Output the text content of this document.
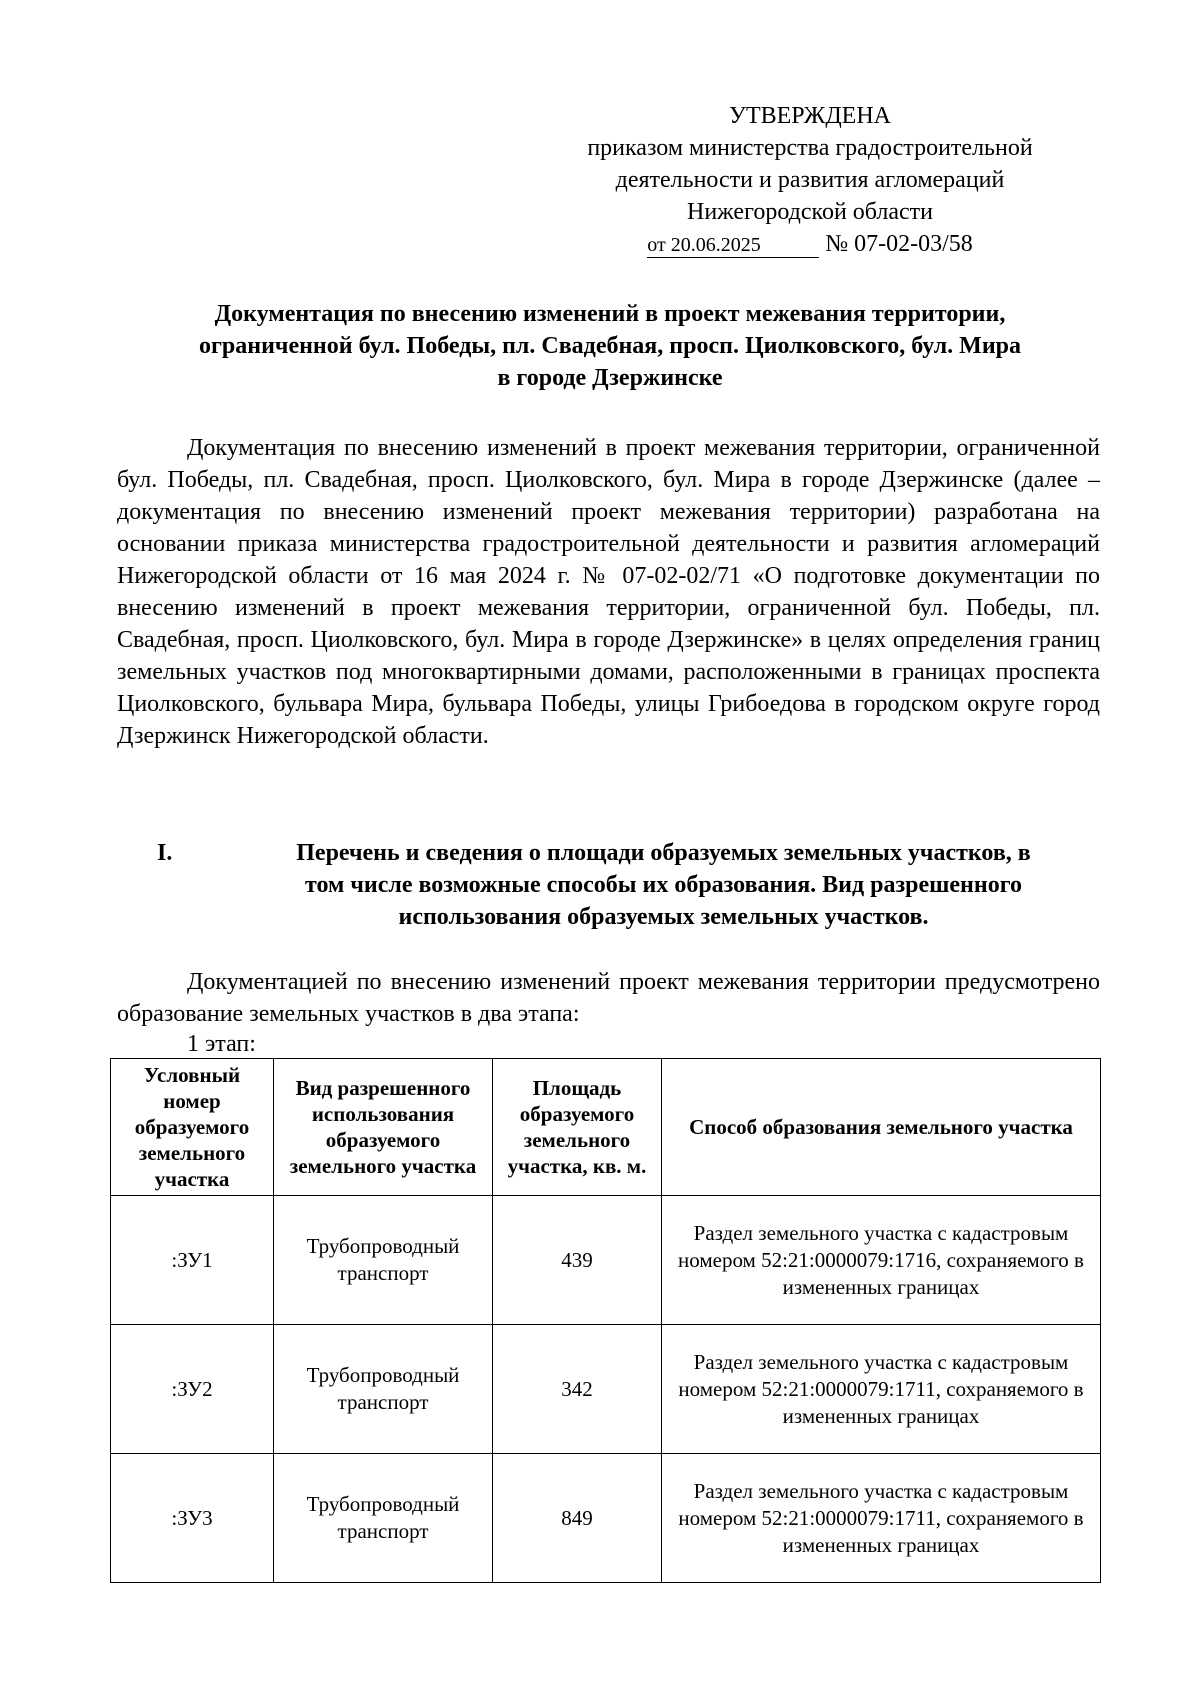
УТВЕРЖДЕНА
приказом министерства градостроительной
деятельности и развития агломераций
Нижегородской области
от 20.06.2025	№ 07-02-03/58
Документация по внесению изменений в проект межевания территории,
ограниченной бул. Победы, пл. Свадебная, просп. Циолковского, бул. Мира
в городе Дзержинске
Документация по внесению изменений в проект межевания территории, ограниченной бул. Победы, пл. Свадебная, просп. Циолковского, бул. Мира в городе Дзержинске (далее – документация по внесению изменений проект межевания территории) разработана на основании приказа министерства градостроительной деятельности и развития агломераций Нижегородской области от 16 мая 2024 г. № 07-02-02/71 «О подготовке документации по внесению изменений в проект межевания территории, ограниченной бул. Победы, пл. Свадебная, просп. Циолковского, бул. Мира в городе Дзержинске» в целях определения границ земельных участков под многоквартирными домами, расположенными в границах проспекта Циолковского, бульвара Мира, бульвара Победы, улицы Грибоедова в городском округе город Дзержинск Нижегородской области.
I.	Перечень и сведения о площади образуемых земельных участков, в
том числе возможные способы их образования. Вид разрешенного
использования образуемых земельных участков.
Документацией по внесению изменений проект межевания территории предусмотрено образование земельных участков в два этапа:
1 этап:
Условный номер образуемого земельного участка	Вид разрешенного использования образуемого земельного участка	Площадь образуемого земельного участка, кв. м.	Способ образования земельного участка
:ЗУ1	Трубопроводный транспорт	439	Раздел земельного участка с кадастровым номером 52:21:0000079:1716, сохраняемого в измененных границах
:ЗУ2	Трубопроводный транспорт	342	Раздел земельного участка с кадастровым номером 52:21:0000079:1711, сохраняемого в измененных границах
:ЗУ3	Трубопроводный транспорт	849	Раздел земельного участка с кадастровым номером 52:21:0000079:1711, сохраняемого в измененных границах
